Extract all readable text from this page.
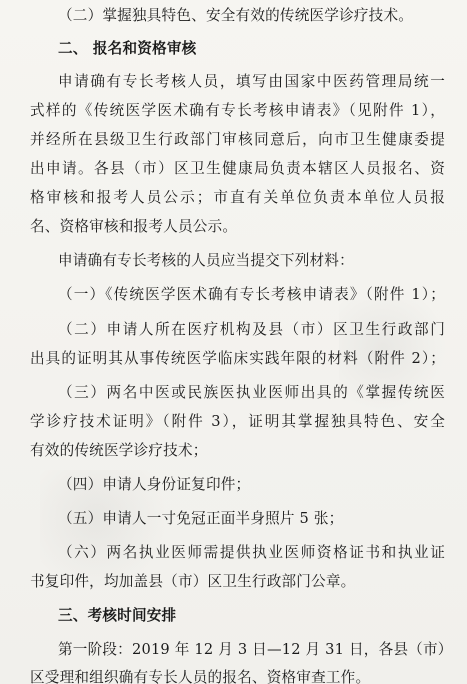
（二）掌握独具特色、安全有效的传统医学诊疗技术。
二、 报名和资格审核
申请确有专长考核人员，填写由国家中医药管理局统一
式样的《传统医学医术确有专长考核申请表》（见附件 1），
并经所在县级卫生行政部门审核同意后，向市卫生健康委提
出申请。各县（市）区卫生健康局负责本辖区人员报名、资
格审核和报考人员公示；市直有关单位负责本单位人员报
名、资格审核和报考人员公示。
申请确有专长考核的人员应当提交下列材料：
（一）《传统医学医术确有专长考核申请表》（附件 1）；
（二）申请人所在医疗机构及县（市）区卫生行政部门
出具的证明其从事传统医学临床实践年限的材料（附件 2）；
（三）两名中医或民族医执业医师出具的《掌握传统医
学诊疗技术证明》（附件 3），证明其掌握独具特色、安全
有效的传统医学诊疗技术；
（四）申请人身份证复印件；
（五）申请人一寸免冠正面半身照片 5 张；
（六）两名执业医师需提供执业医师资格证书和执业证
书复印件，均加盖县（市）区卫生行政部门公章。
三、考核时间安排
第一阶段：2019 年 12 月 3 日—12 月 31 日，各县（市）
区受理和组织确有专长人员的报名、资格审查工作。
